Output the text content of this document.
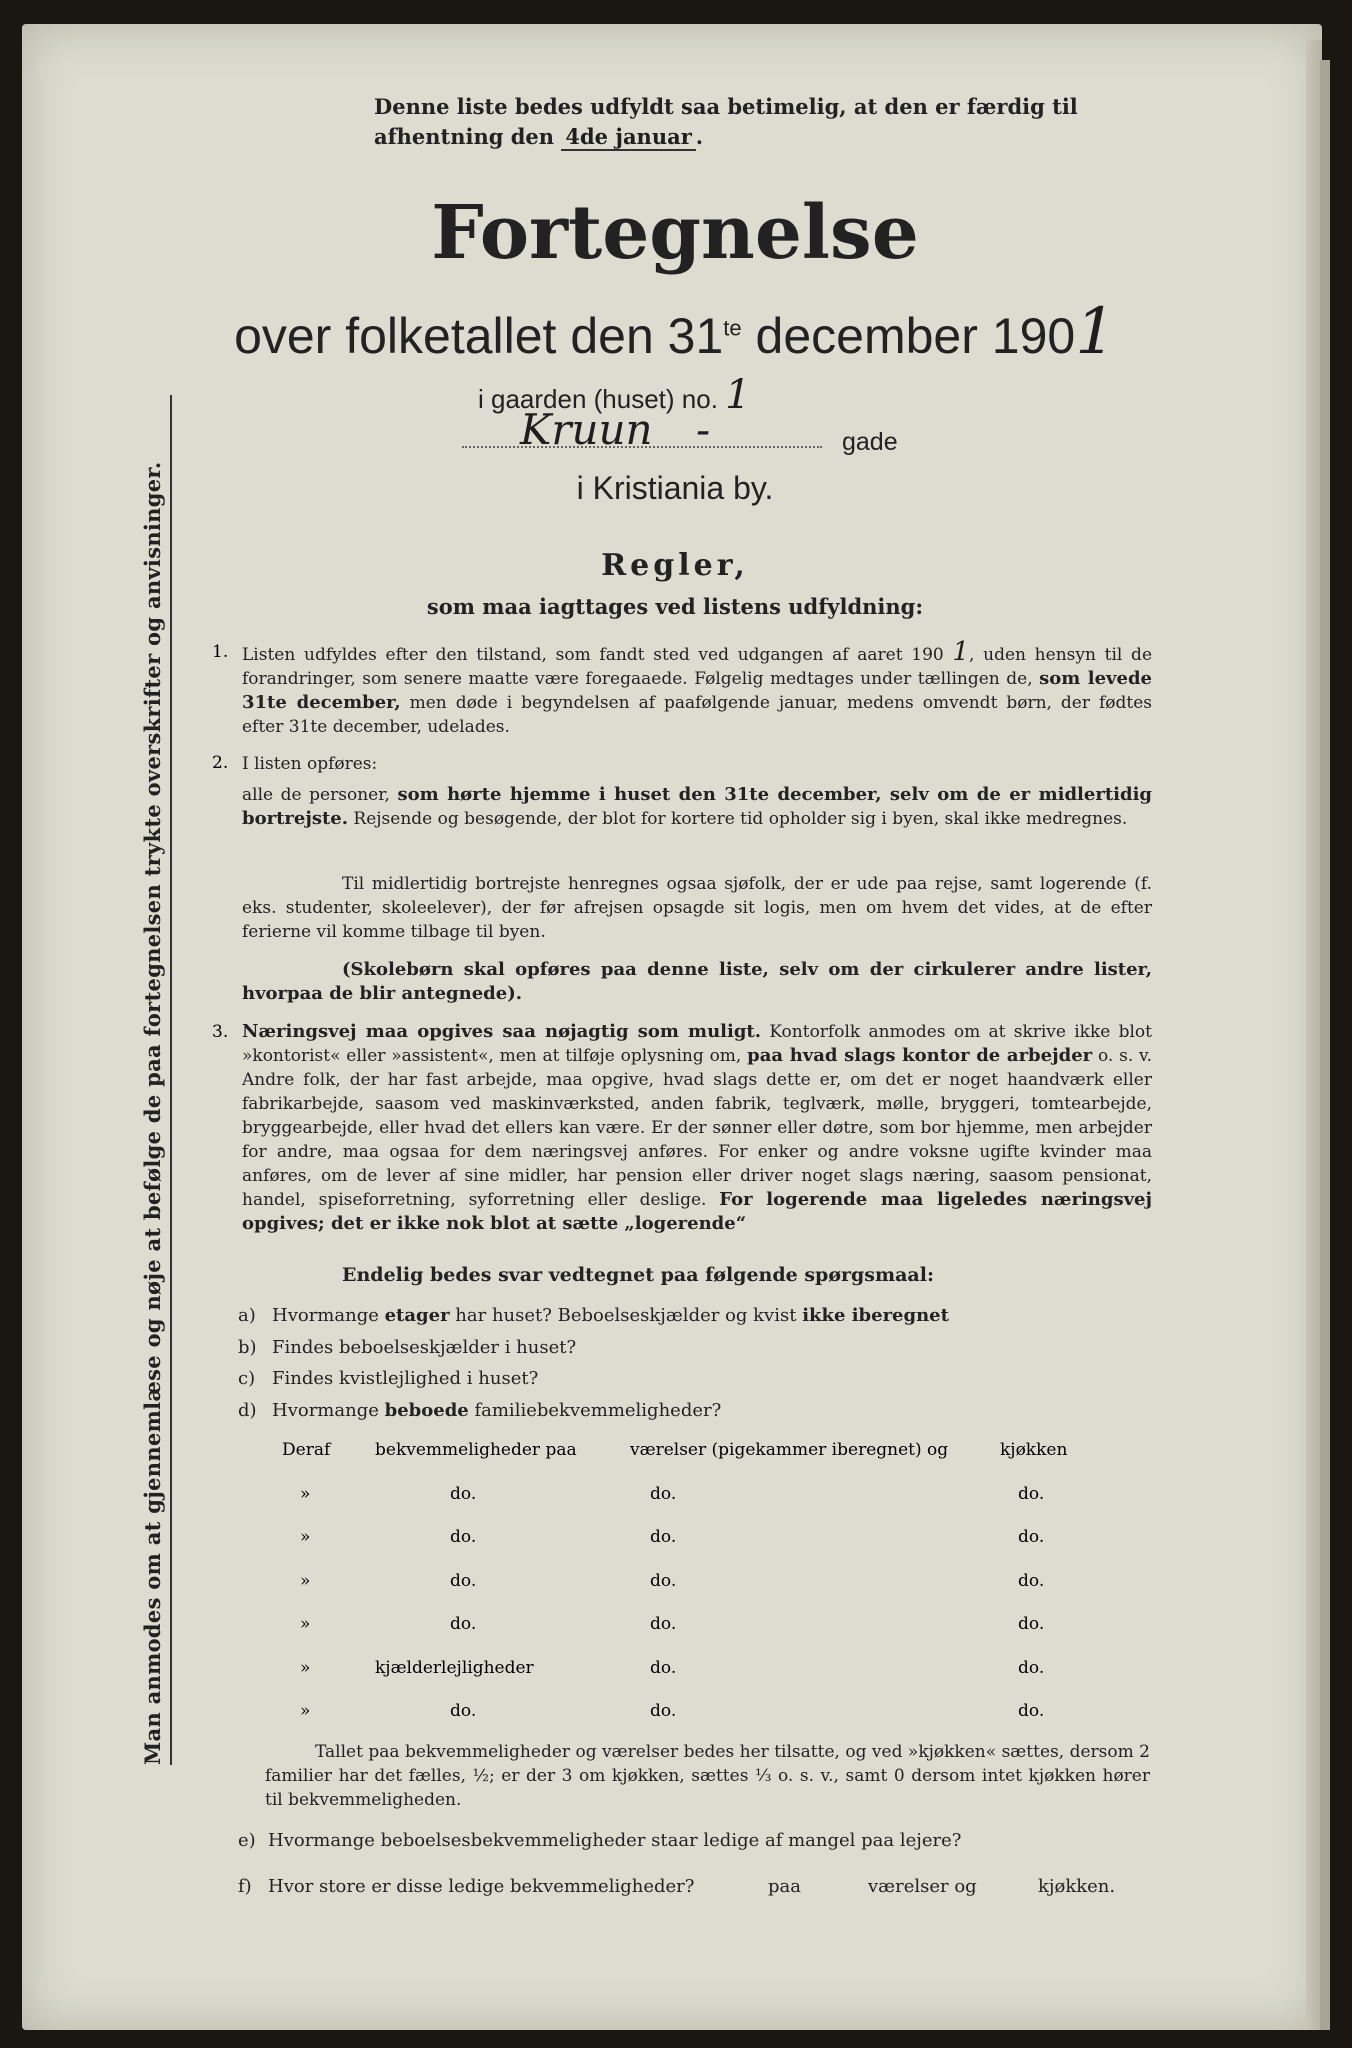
Man anmodes om at gjennemlæse og nøje at befølge de paa fortegnelsen trykte overskrifter og anvisninger.
Denne liste bedes udfyldt saa betimelig, at den er færdig til afhentning den 4de januar .
Fortegnelse
over folketallet den $31^{te}$ december 1901
i gaarden (huset) no. 1
Kruun -	gade
i Kristiania by.
Regler,
som maa iagttages ved listens udfyldning:
1. Listen udfyldes efter den tilstand, som fandt sted ved udgangen af aaret 190 1, uden hensyn til de forandringer, som senere maatte være foregaaede. Følgelig medtages under tællingen de, som levede 31te december, men døde i begyndelsen af paafølgende januar, medens omvendt børn, der fødtes efter 31te december, udelades.
2. I listen opføres:
alle de personer, som hørte hjemme i huset den 31te december, selv om de er midlertidig bortrejste. Rejsende og besøgende, der blot for kortere tid opholder sig i byen, skal ikke medregnes.
Til midlertidig bortrejste henregnes ogsaa sjøfolk, der er ude paa rejse, samt logerende (f. eks. studenter, skoleelever), der før afrejsen opsagde sit logis, men om hvem det vides, at de efter ferierne vil komme tilbage til byen.
(Skolebørn skal opføres paa denne liste, selv om der cirkulerer andre lister, hvorpaa de blir antegnede).
3. Næringsvej maa opgives saa nøjagtig som muligt. Kontorfolk anmodes om at skrive ikke blot »kontorist« eller »assistent«, men at tilføje oplysning om, paa hvad slags kontor de arbejder o. s. v. Andre folk, der har fast arbejde, maa opgive, hvad slags dette er, om det er noget haandværk eller fabrikarbejde, saasom ved maskinværksted, anden fabrik, teglværk, mølle, bryggeri, tomtearbejde, bryggearbejde, eller hvad det ellers kan være. Er der sønner eller døtre, som bor hjemme, men arbejder for andre, maa ogsaa for dem næringsvej anføres. For enker og andre voksne ugifte kvinder maa anføres, om de lever af sine midler, har pension eller driver noget slags næring, saasom pensionat, handel, spiseforretning, syforretning eller deslige. For logerende maa ligeledes næringsvej opgives; det er ikke nok blot at sætte „logerende“
Endelig bedes svar vedtegnet paa følgende spørgsmaal:
a) Hvormange etager har huset? Beboelseskjælder og kvist ikke iberegnet
b) Findes beboelseskjælder i huset?
c) Findes kvistlejlighed i huset?
d) Hvormange beboede familiebekvemmeligheder?
Deraf	bekvemmeligheder paa	værelser (pigekammer iberegnet) og	kjøkken
»	do.	do.	do.
»	do.	do.	do.
»	do.	do.	do.
»	do.	do.	do.
»	kjælderlejligheder	do.	do.
»	do.	do.	do.
Tallet paa bekvemmeligheder og værelser bedes her tilsatte, og ved »kjøkken« sættes, dersom 2 familier har det fælles, ½; er der 3 om kjøkken, sættes ⅓ o. s. v., samt 0 dersom intet kjøkken hører til bekvemmeligheden.
e) Hvormange beboelsesbekvemmeligheder staar ledige af mangel paa lejere?
f) Hvor store er disse ledige bekvemmeligheder?	paa	værelser og	kjøkken.
